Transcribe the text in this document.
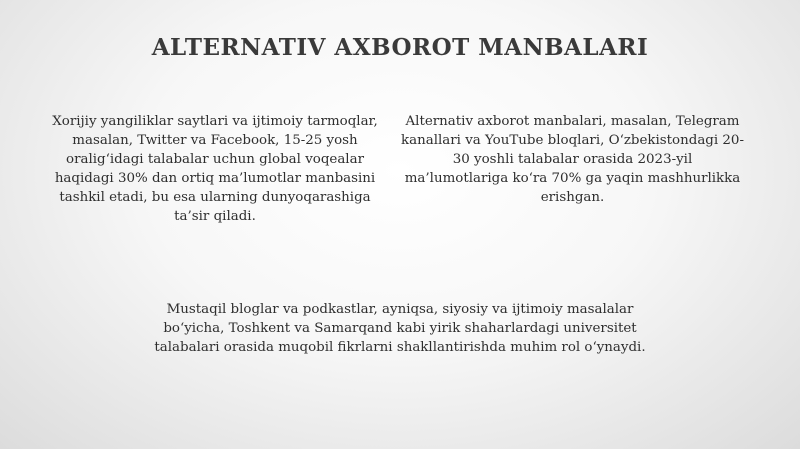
ALTERNATIV AXBOROT MANBALARI

Xorijiy yangiliklar saytlari va ijtimoiy tarmoqlar, masalan, Twitter va Facebook, 15-25 yosh oralig‘idagi talabalar uchun global voqealar haqidagi 30% dan ortiq ma’lumotlar manbasini tashkil etadi, bu esa ularning dunyoqarashiga ta’sir qiladi.

Alternativ axborot manbalari, masalan, Telegram kanallari va YouTube bloqlari, O‘zbekistondagi 20-30 yoshli talabalar orasida 2023-yil ma’lumotlariga ko‘ra 70% ga yaqin mashhurlikka erishgan.

Mustaqil bloglar va podkastlar, ayniqsa, siyosiy va ijtimoiy masalalar bo‘yicha, Toshkent va Samarqand kabi yirik shaharlardagi universitet talabalari orasida muqobil fikrlarni shakllantirishda muhim rol o‘ynaydi.
